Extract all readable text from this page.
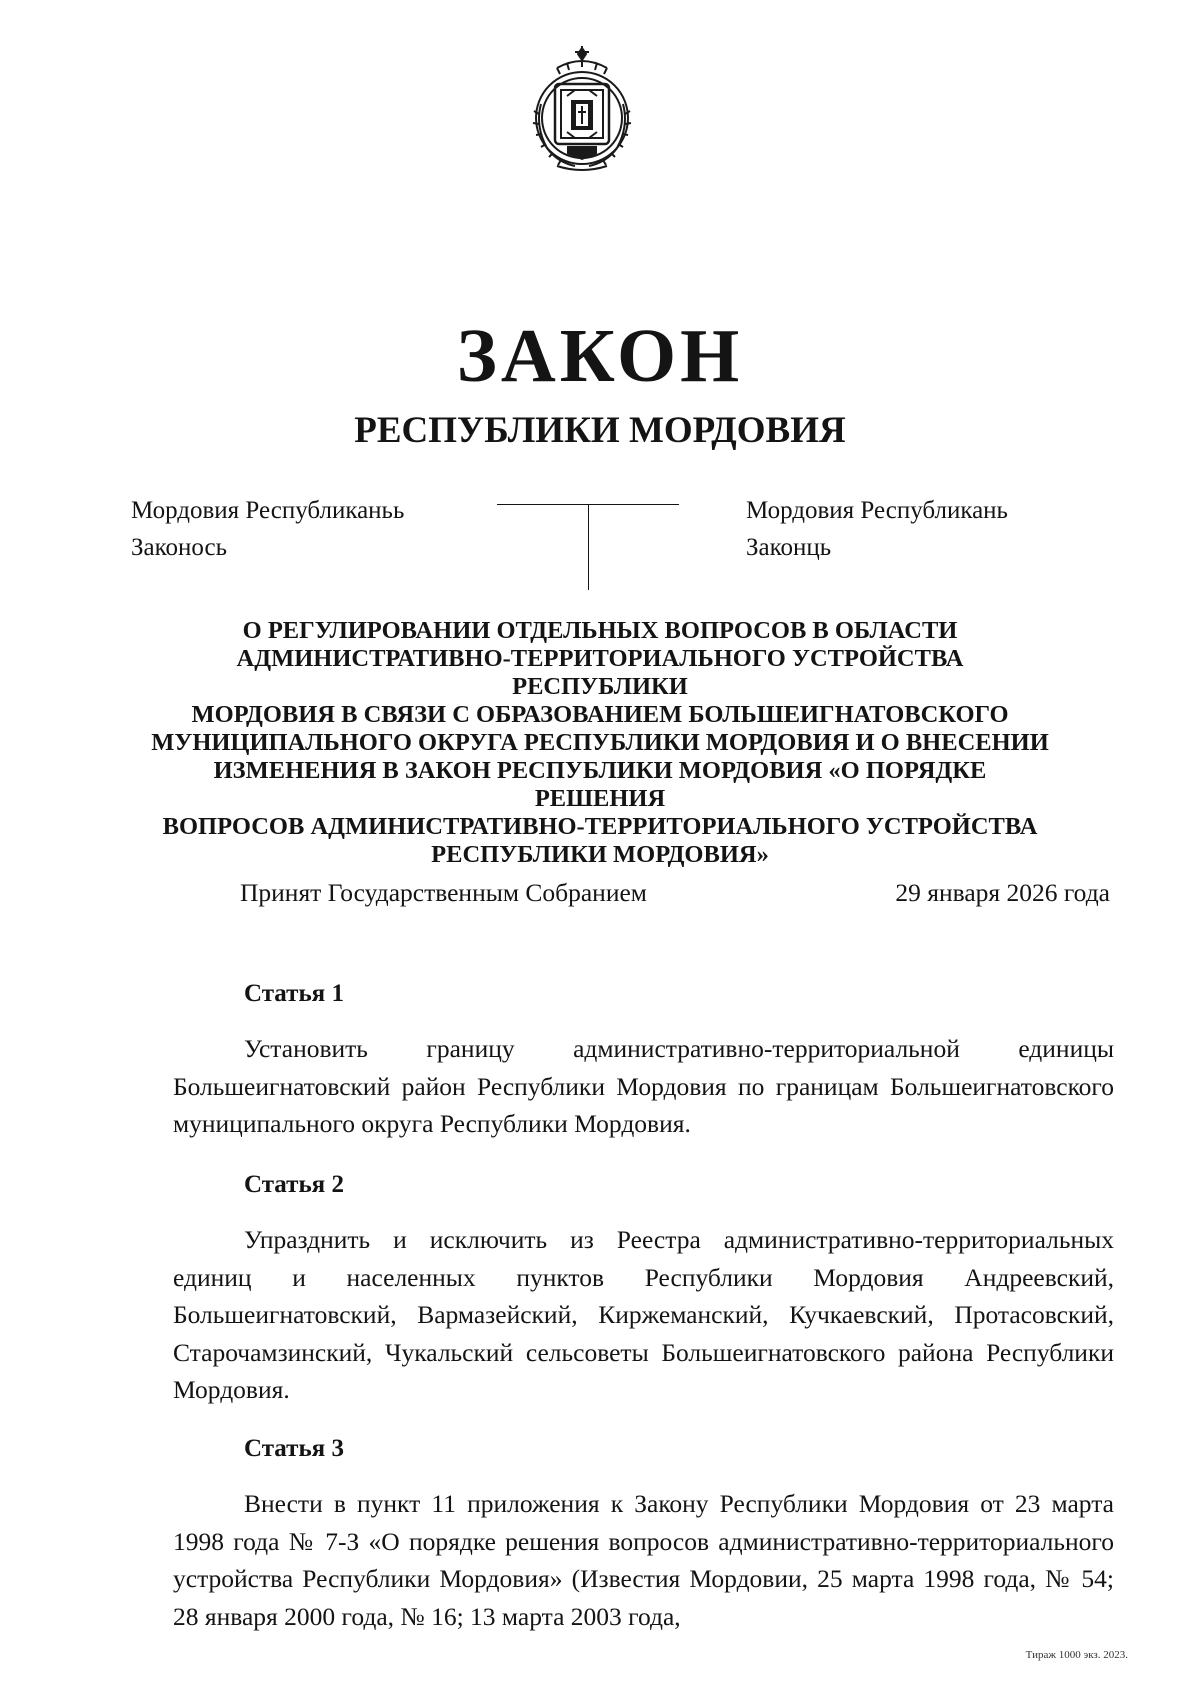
ЗАКОН
РЕСПУБЛИКИ МОРДОВИЯ
Мордовия Республиканьь
Законось
Мордовия Республикань
Законць
О РЕГУЛИРОВАНИИ ОТДЕЛЬНЫХ ВОПРОСОВ В ОБЛАСТИ
АДМИНИСТРАТИВНО-ТЕРРИТОРИАЛЬНОГО УСТРОЙСТВА РЕСПУБЛИКИ
МОРДОВИЯ В СВЯЗИ С ОБРАЗОВАНИЕМ БОЛЬШЕИГНАТОВСКОГО
МУНИЦИПАЛЬНОГО ОКРУГА РЕСПУБЛИКИ МОРДОВИЯ И О ВНЕСЕНИИ
ИЗМЕНЕНИЯ В ЗАКОН РЕСПУБЛИКИ МОРДОВИЯ «О ПОРЯДКЕ РЕШЕНИЯ
ВОПРОСОВ АДМИНИСТРАТИВНО-ТЕРРИТОРИАЛЬНОГО УСТРОЙСТВА
РЕСПУБЛИКИ МОРДОВИЯ»
Принят Государственным Собранием	29 января 2026 года
Статья 1

Установить границу административно-территориальной единицы Большеигнатовский район Республики Мордовия по границам Большеигнатовского муниципального округа Республики Мордовия.

Статья 2

Упразднить и исключить из Реестра административно-территориальных единиц и населенных пунктов Республики Мордовия Андреевский, Большеигнатовский, Вармазейский, Киржеманский, Кучкаевский, Протасовский, Старочамзинский, Чукальский сельсоветы Большеигнатовского района Республики Мордовия.

Статья 3

Внести в пункт 11 приложения к Закону Республики Мордовия от 23 марта 1998 года № 7-З «О порядке решения вопросов административно-территориального устройства Республики Мордовия» (Известия Мордовии, 25 марта 1998 года, № 54; 28 января 2000 года, № 16; 13 марта 2003 года,

Тираж 1000 экз. 2023.
